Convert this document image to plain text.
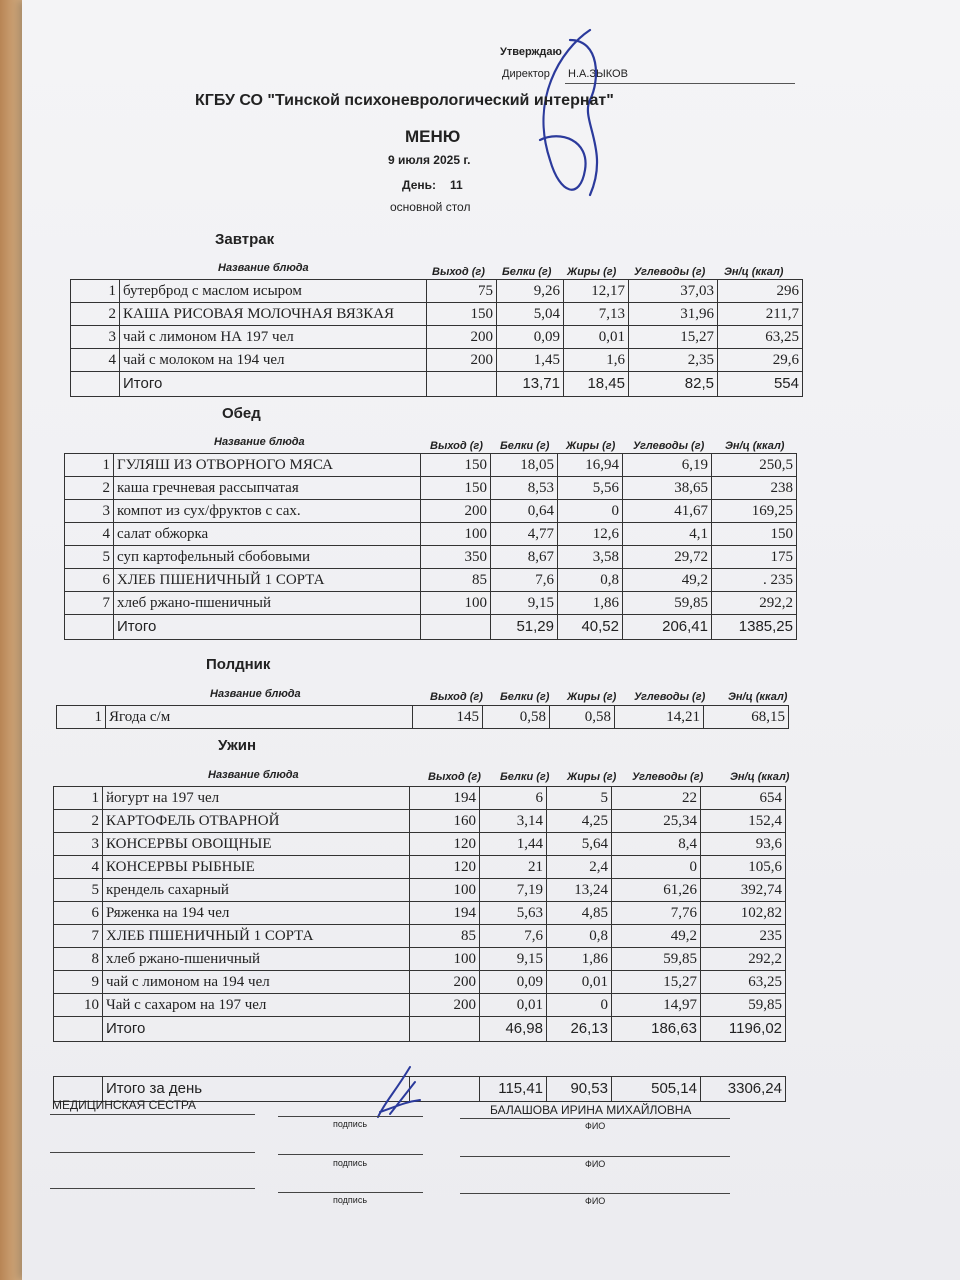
Утверждаю
Директор Н.А.ЗЫКОВ
КГБУ СО "Тинской психоневрологический интернат"
МЕНЮ
9 июля 2025 г.
День: 11
основной стол
Завтрак
Название блюда	Выход (г) Белки (г) Жиры (г) Углеводы (г) Эн/ц (ккал)
1	бутерброд с маслом исыром	75	9,26	12,17	37,03	296
2	КАША РИСОВАЯ МОЛОЧНАЯ ВЯЗКАЯ	150	5,04	7,13	31,96	211,7
3	чай с лимоном НА 197 чел	200	0,09	0,01	15,27	63,25
4	чай с молоком на 194 чел	200	1,45	1,6	2,35	29,6
	Итого		13,71	18,45	82,5	554
Обед
Название блюда	Выход (г) Белки (г) Жиры (г) Углеводы (г) Эн/ц (ккал)
1	ГУЛЯШ ИЗ ОТВОРНОГО МЯСА	150	18,05	16,94	6,19	250,5
2	каша гречневая рассыпчатая	150	8,53	5,56	38,65	238
3	компот из сух/фруктов с сах.	200	0,64	0	41,67	169,25
4	салат обжорка	100	4,77	12,6	4,1	150
5	суп картофельный сбобовыми	350	8,67	3,58	29,72	175
6	ХЛЕБ ПШЕНИЧНЫЙ 1 СОРТА	85	7,6	0,8	49,2	. 235
7	хлеб ржано-пшеничный	100	9,15	1,86	59,85	292,2
	Итого		51,29	40,52	206,41	1385,25
Полдник
Название блюда	Выход (г) Белки (г) Жиры (г) Углеводы (г) Эн/ц (ккал)
1	Ягода с/м	145	0,58	0,58	14,21	68,15
Ужин
Название блюда	Выход (г) Белки (г) Жиры (г) Углеводы (г) Эн/ц (ккал)
1	йогурт на 197 чел	194	6	5	22	654
2	КАРТОФЕЛЬ ОТВАРНОЙ	160	3,14	4,25	25,34	152,4
3	КОНСЕРВЫ ОВОЩНЫЕ	120	1,44	5,64	8,4	93,6
4	КОНСЕРВЫ РЫБНЫЕ	120	21	2,4	0	105,6
5	крендель сахарный	100	7,19	13,24	61,26	392,74
6	Ряженка на 194 чел	194	5,63	4,85	7,76	102,82
7	ХЛЕБ ПШЕНИЧНЫЙ 1 СОРТА	85	7,6	0,8	49,2	235
8	хлеб ржано-пшеничный	100	9,15	1,86	59,85	292,2
9	чай с лимоном на 194 чел	200	0,09	0,01	15,27	63,25
10	Чай с сахаром на 197 чел	200	0,01	0	14,97	59,85
	Итого		46,98	26,13	186,63	1196,02
	Итого за день		115,41	90,53	505,14	3306,24
МЕДИЦИНСКАЯ СЕСТРА	БАЛАШОВА ИРИНА МИХАЙЛОВНА
подпись	ФИО
подпись	ФИО
подпись	ФИО
